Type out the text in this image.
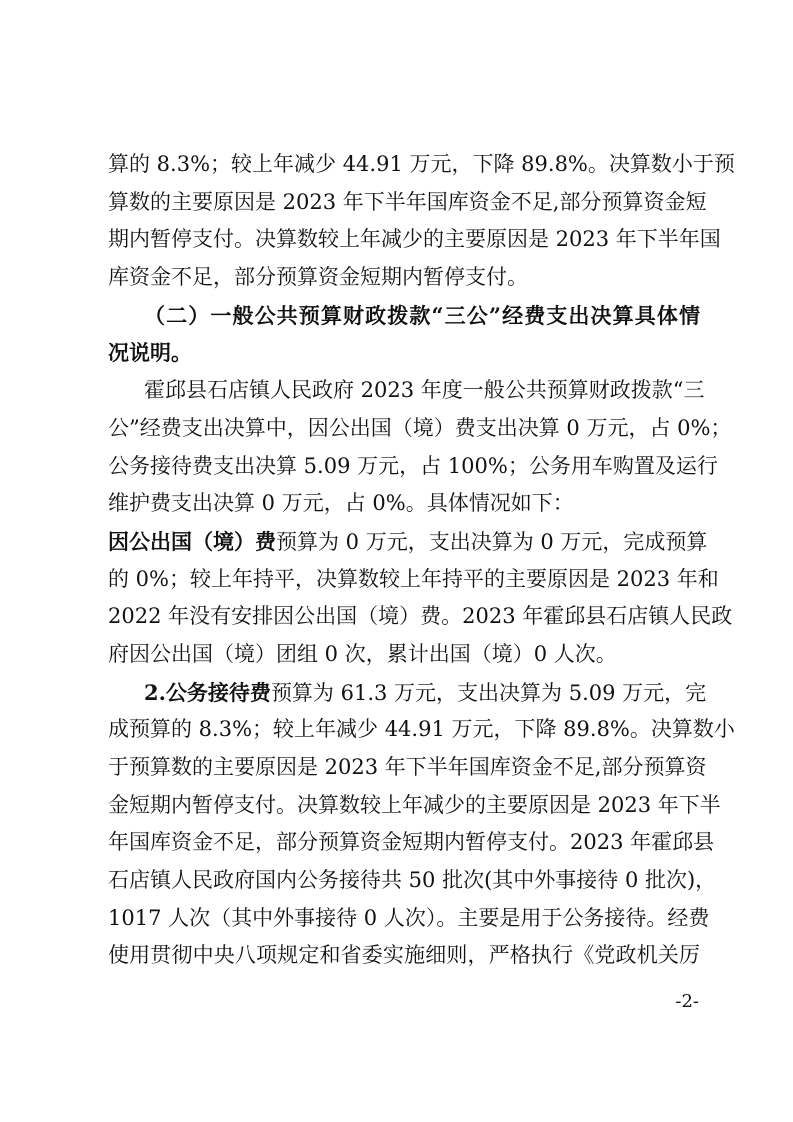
算的 8.3%；较上年减少 44.91 万元，下降 89.8%。决算数小于预
算数的主要原因是 2023 年下半年国库资金不足,部分预算资金短
期内暂停支付。决算数较上年减少的主要原因是 2023 年下半年国
库资金不足，部分预算资金短期内暂停支付。
（二）一般公共预算财政拨款“三公”经费支出决算具体情
况说明。
霍邱县石店镇人民政府 2023 年度一般公共预算财政拨款“三
公”经费支出决算中，因公出国（境）费支出决算 0 万元，占 0%；
公务接待费支出决算 5.09 万元，占 100%；公务用车购置及运行
维护费支出决算 0 万元，占 0%。具体情况如下：
因公出国（境）费预算为 0 万元，支出决算为 0 万元，完成预算
的 0%；较上年持平，决算数较上年持平的主要原因是 2023 年和
2022 年没有安排因公出国（境）费。2023 年霍邱县石店镇人民政
府因公出国（境）团组 0 次，累计出国（境）0 人次。
2.公务接待费预算为 61.3 万元，支出决算为 5.09 万元，完
成预算的 8.3%；较上年减少 44.91 万元，下降 89.8%。决算数小
于预算数的主要原因是 2023 年下半年国库资金不足,部分预算资
金短期内暂停支付。决算数较上年减少的主要原因是 2023 年下半
年国库资金不足，部分预算资金短期内暂停支付。2023 年霍邱县
石店镇人民政府国内公务接待共 50 批次(其中外事接待 0 批次)，
1017 人次（其中外事接待 0 人次）。主要是用于公务接待。经费
使用贯彻中央八项规定和省委实施细则，严格执行《党政机关厉
-2-
